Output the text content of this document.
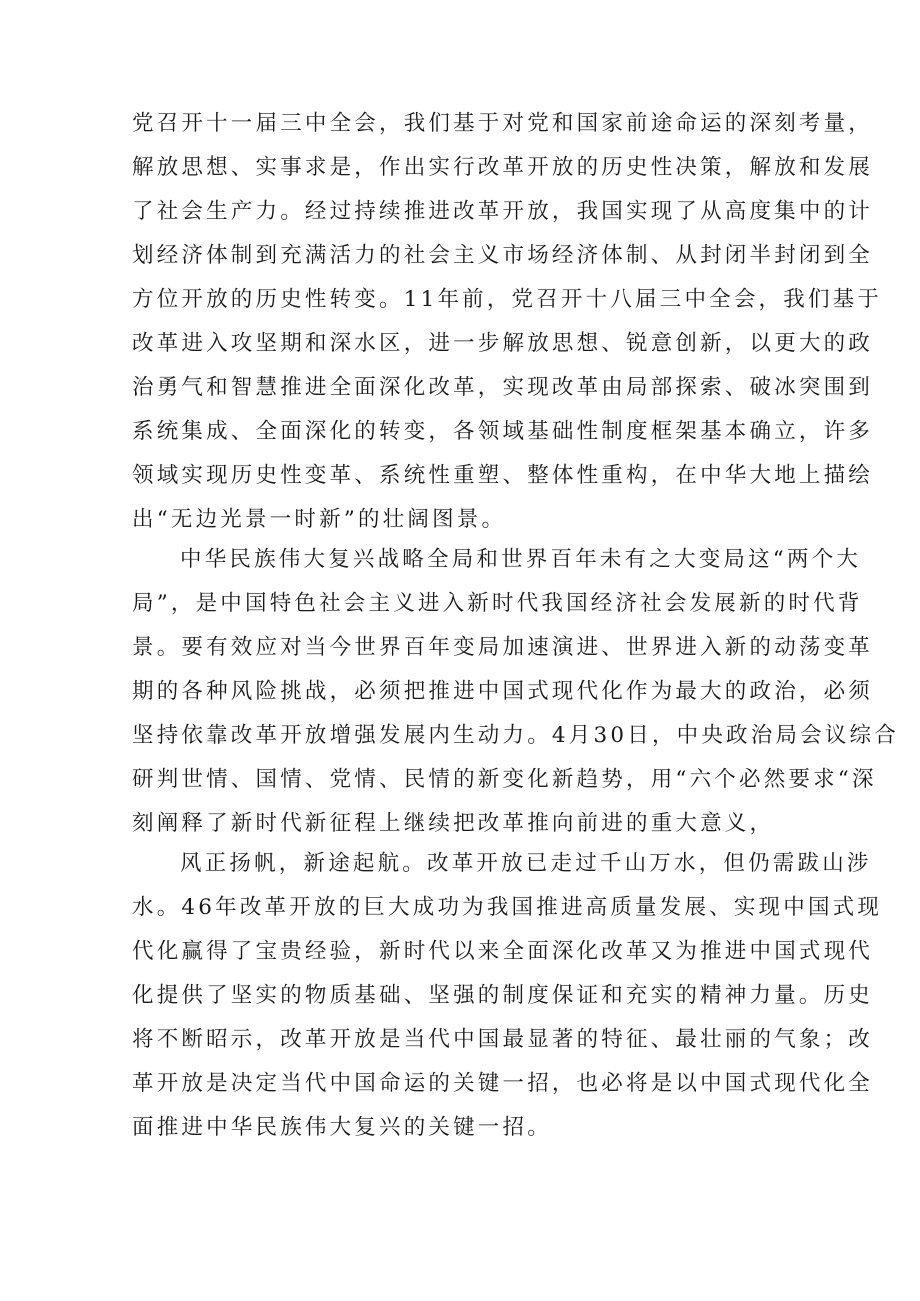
党召开十一届三中全会，我们基于对党和国家前途命运的深刻考量，
解放思想、实事求是，作出实行改革开放的历史性决策，解放和发展
了社会生产力。经过持续推进改革开放，我国实现了从高度集中的计
划经济体制到充满活力的社会主义市场经济体制、从封闭半封闭到全
方位开放的历史性转变。11年前，党召开十八届三中全会，我们基于
改革进入攻坚期和深水区，进一步解放思想、锐意创新，以更大的政
治勇气和智慧推进全面深化改革，实现改革由局部探索、破冰突围到
系统集成、全面深化的转变，各领域基础性制度框架基本确立，许多
领域实现历史性变革、系统性重塑、整体性重构，在中华大地上描绘
出“无边光景一时新”的壮阔图景。
中华民族伟大复兴战略全局和世界百年未有之大变局这“两个大
局”，是中国特色社会主义进入新时代我国经济社会发展新的时代背
景。要有效应对当今世界百年变局加速演进、世界进入新的动荡变革
期的各种风险挑战，必须把推进中国式现代化作为最大的政治，必须
坚持依靠改革开放增强发展内生动力。4月30日，中央政治局会议综合
研判世情、国情、党情、民情的新变化新趋势，用“六个必然要求“深
刻阐释了新时代新征程上继续把改革推向前进的重大意义，
风正扬帆，新途起航。改革开放已走过千山万水，但仍需跋山涉
水。46年改革开放的巨大成功为我国推进高质量发展、实现中国式现
代化赢得了宝贵经验，新时代以来全面深化改革又为推进中国式现代
化提供了坚实的物质基础、坚强的制度保证和充实的精神力量。历史
将不断昭示，改革开放是当代中国最显著的特征、最壮丽的气象；改
革开放是决定当代中国命运的关键一招，也必将是以中国式现代化全
面推进中华民族伟大复兴的关键一招。
